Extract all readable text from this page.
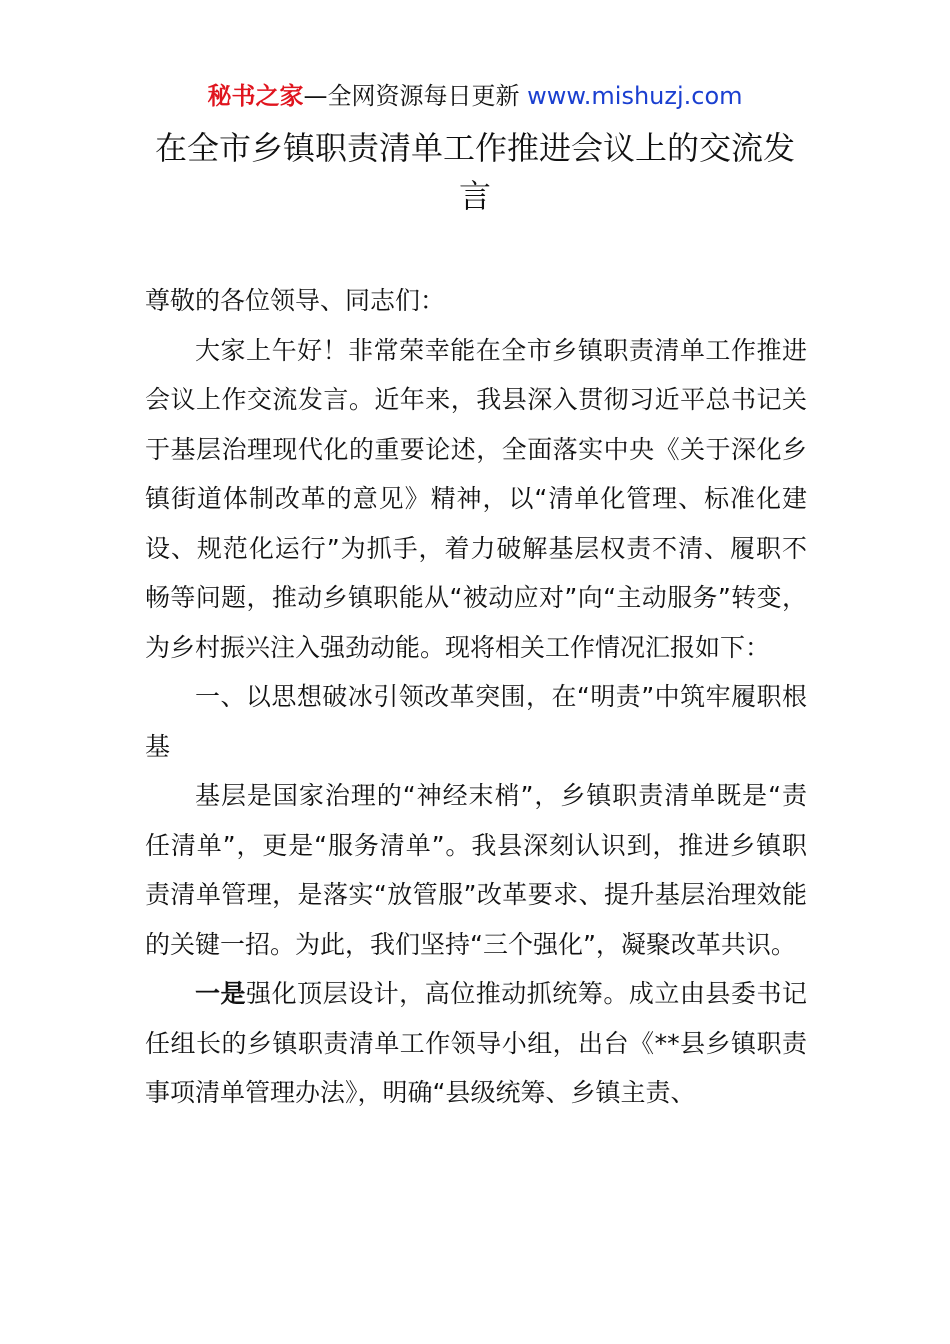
秘书之家—全网资源每日更新 www.mishuzj.com
在全市乡镇职责清单工作推进会议上的交流发言

尊敬的各位领导、同志们：

大家上午好！非常荣幸能在全市乡镇职责清单工作推进会议上作交流发言。近年来，我县深入贯彻习近平总书记关于基层治理现代化的重要论述，全面落实中央《关于深化乡镇街道体制改革的意见》精神，以“清单化管理、标准化建设、规范化运行”为抓手，着力破解基层权责不清、履职不畅等问题，推动乡镇职能从“被动应对”向“主动服务”转变，为乡村振兴注入强劲动能。现将相关工作情况汇报如下：

一、以思想破冰引领改革突围，在“明责”中筑牢履职根基

基层是国家治理的“神经末梢”，乡镇职责清单既是“责任清单”，更是“服务清单”。我县深刻认识到，推进乡镇职责清单管理，是落实“放管服”改革要求、提升基层治理效能的关键一招。为此，我们坚持“三个强化”，凝聚改革共识。

一是强化顶层设计，高位推动抓统筹。成立由县委书记任组长的乡镇职责清单工作领导小组，出台《**县乡镇职责事项清单管理办法》，明确“县级统筹、乡镇主责、
